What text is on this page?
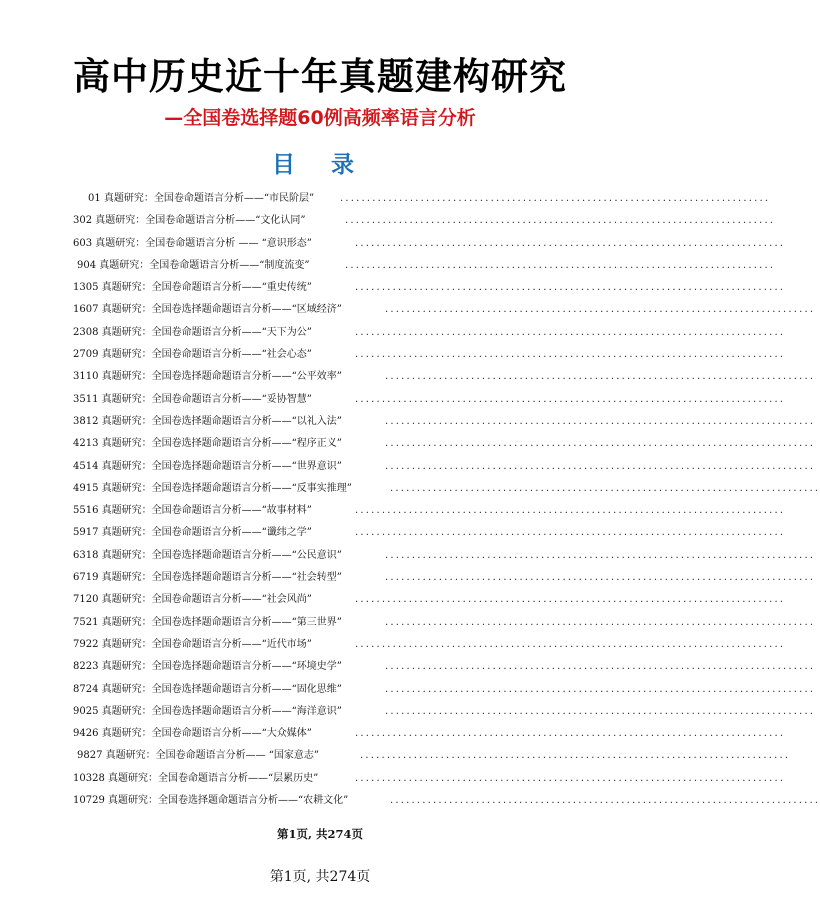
高中历史近十年真题建构研究
—全国卷选择题60例高频率语言分析
目 录
01 真题研究：全国卷命题语言分析——“市民阶层”	................................................................................
302 真题研究：全国卷命题语言分析——“文化认同”	................................................................................
603 真题研究：全国卷命题语言分析 —— “意识形态”	................................................................................
904 真题研究：全国卷命题语言分析——“制度流变”	................................................................................
1305 真题研究：全国卷命题语言分析——“重史传统”	................................................................................
1607 真题研究：全国卷选择题命题语言分析——“区域经济”	................................................................................
2308 真题研究：全国卷命题语言分析——“天下为公”	................................................................................
2709 真题研究：全国卷命题语言分析——“社会心态”	................................................................................
3110 真题研究：全国卷选择题命题语言分析——“公平效率”	................................................................................
3511 真题研究：全国卷命题语言分析——“妥协智慧”	................................................................................
3812 真题研究：全国卷选择题命题语言分析——“以礼入法”	................................................................................
4213 真题研究：全国卷选择题命题语言分析——“程序正义”	................................................................................
4514 真题研究：全国卷选择题命题语言分析——“世界意识”	................................................................................
4915 真题研究：全国卷选择题命题语言分析——“反事实推理”	................................................................................
5516 真题研究：全国卷命题语言分析——“故事材料”	................................................................................
5917 真题研究：全国卷命题语言分析——“谶纬之学”	................................................................................
6318 真题研究：全国卷选择题命题语言分析——“公民意识”	................................................................................
6719 真题研究：全国卷选择题命题语言分析——“社会转型”	................................................................................
7120 真题研究：全国卷命题语言分析——“社会风尚”	................................................................................
7521 真题研究：全国卷选择题命题语言分析——“第三世界”	................................................................................
7922 真题研究：全国卷命题语言分析——“近代市场”	................................................................................
8223 真题研究：全国卷选择题命题语言分析——“环境史学”	................................................................................
8724 真题研究：全国卷选择题命题语言分析——“固化思维”	................................................................................
9025 真题研究：全国卷选择题命题语言分析——“海洋意识”	................................................................................
9426 真题研究：全国卷命题语言分析——“大众媒体”	................................................................................
9827 真题研究：全国卷命题语言分析—— “国家意志”	................................................................................
10328 真题研究：全国卷命题语言分析——“层累历史”	................................................................................
10729 真题研究：全国卷选择题命题语言分析——“农耕文化”	................................................................................
第1页, 共274页
第1页, 共274页
